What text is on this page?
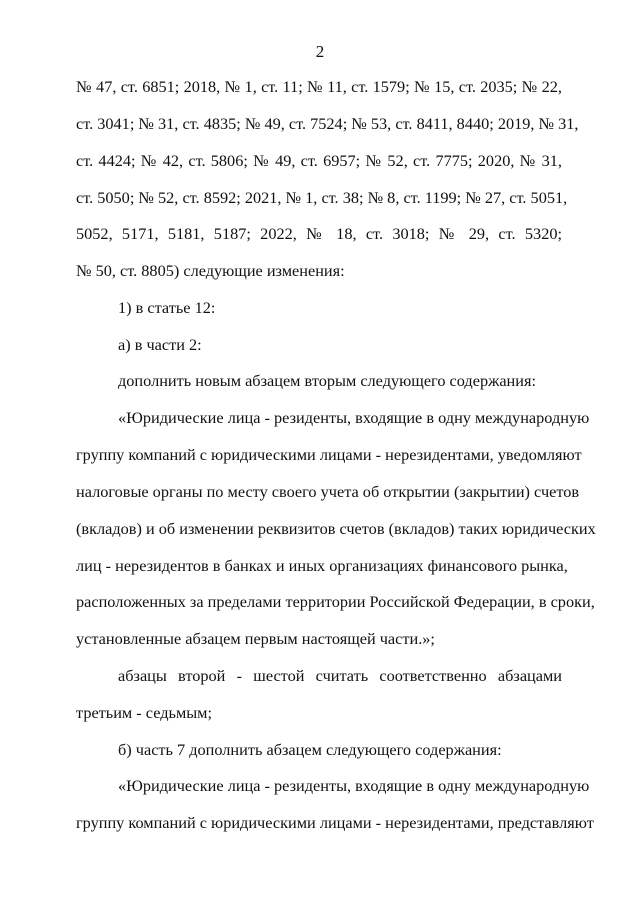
2
№ 47, ст. 6851; 2018, № 1, ст. 11; № 11, ст. 1579; № 15, ст. 2035; № 22,
ст. 3041; № 31, ст. 4835; № 49, ст. 7524; № 53, ст. 8411, 8440; 2019, № 31,
ст. 4424; № 42, ст. 5806; № 49, ст. 6957; № 52, ст. 7775; 2020, № 31,
ст. 5050; № 52, ст. 8592; 2021, № 1, ст. 38; № 8, ст. 1199; № 27, ст. 5051,
5052, 5171, 5181, 5187; 2022, № 18, ст. 3018; № 29, ст. 5320;
№ 50, ст. 8805) следующие изменения:
1) в статье 12:
а) в части 2:
дополнить новым абзацем вторым следующего содержания:
«Юридические лица - резиденты, входящие в одну международную
группу компаний с юридическими лицами - нерезидентами, уведомляют
налоговые органы по месту своего учета об открытии (закрытии) счетов
(вкладов) и об изменении реквизитов счетов (вкладов) таких юридических
лиц - нерезидентов в банках и иных организациях финансового рынка,
расположенных за пределами территории Российской Федерации, в сроки,
установленные абзацем первым настоящей части.»;
абзацы второй - шестой считать соответственно абзацами
третьим - седьмым;
б) часть 7 дополнить абзацем следующего содержания:
«Юридические лица - резиденты, входящие в одну международную
группу компаний с юридическими лицами - нерезидентами, представляют
